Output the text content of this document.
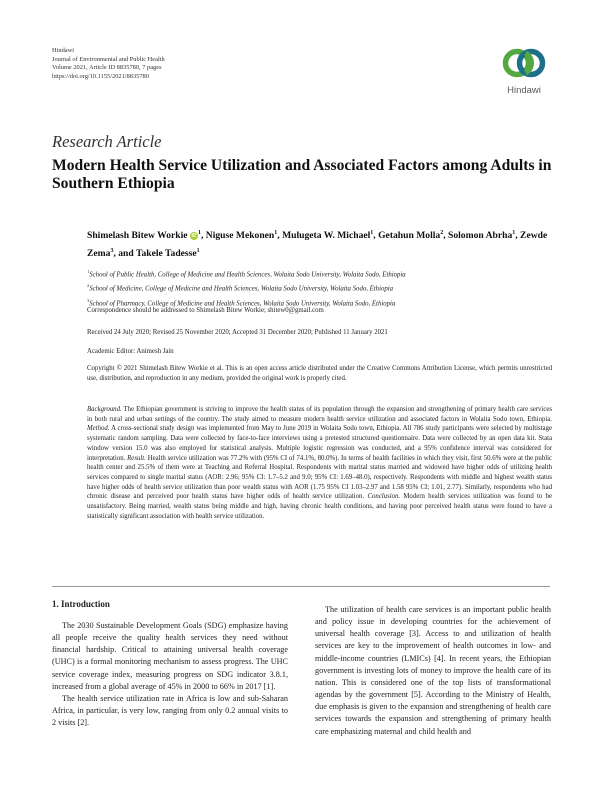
Hindawi
Journal of Environmental and Public Health
Volume 2021, Article ID 8835780, 7 pages
https://doi.org/10.1155/2021/8835780
Hindawi
Research Article
Modern Health Service Utilization and Associated Factors among Adults in Southern Ethiopia
Shimelash Bitew Workie $iD^1$, Niguse Mekonen$^1$, Mulugeta W. Michael$^1$, Getahun Molla$^2$, Solomon Abrha$^1$, Zewde Zema$^3$, and Takele Tadesse$^1$
$^1$School of Public Health, College of Medicine and Health Sciences, Wolaita Sodo University, Wolaita Sodo, Ethiopia
$^2$School of Medicine, College of Medicine and Health Sciences, Wolaita Sodo University, Wolaita Sodo, Ethiopia
$^3$School of Pharmacy, College of Medicine and Health Sciences, Wolaita Sodo University, Wolaita Sodo, Ethiopia
Correspondence should be addressed to Shimelash Bitew Workie; shitew0@gmail.com
Received 24 July 2020; Revised 25 November 2020; Accepted 31 December 2020; Published 11 January 2021
Academic Editor: Animesh Jain
Copyright © 2021 Shimelash Bitew Workie et al. This is an open access article distributed under the Creative Commons Attribution License, which permits unrestricted use, distribution, and reproduction in any medium, provided the original work is properly cited.
Background. The Ethiopian government is striving to improve the health status of its population through the expansion and strengthening of primary health care services in both rural and urban settings of the country. The study aimed to measure modern health service utilization and associated factors in Wolaita Sodo town, Ethiopia. Method. A cross-sectional study design was implemented from May to June 2019 in Wolaita Sodo town, Ethiopia. All 786 study participants were selected by multistage systematic random sampling. Data were collected by face-to-face interviews using a pretested structured questionnaire. Data were collected by an open data kit. Stata window version 15.0 was also employed for statistical analysis. Multiple logistic regression was conducted, and a 95% confidence interval was considered for interpretation. Result. Health service utilization was 77.2% with (95% CI of 74.1%, 80.0%). In terms of health facilities in which they visit, first 50.6% were at the public health center and 25.5% of them were at Teaching and Referral Hospital. Respondents with marital status married and widowed have higher odds of utilizing health services compared to single marital status (AOR: 2.96; 95% CI: 1.7–5.2 and 9.0; 95% CI: 1.69–48.0), respectively. Respondents with middle and highest wealth status have higher odds of health service utilization than poor wealth status with AOR (1.75 95% CI 1.03–2.97 and 1.58 95% CI; 1.01, 2.77). Similarly, respondents who had chronic disease and perceived poor health status have higher odds of health service utilization. Conclusion. Modern health services utilization was found to be unsatisfactory. Being married, wealth status being middle and high, having chronic health conditions, and having poor perceived health status were found to have a statistically significant association with health service utilization.
1. Introduction

The 2030 Sustainable Development Goals (SDG) emphasize having all people receive the quality health services they need without financial hardship. Critical to attaining universal health coverage (UHC) is a formal monitoring mechanism to assess progress. The UHC service coverage index, measuring progress on SDG indicator 3.8.1, increased from a global average of 45% in 2000 to 66% in 2017 [1].

The health service utilization rate in Africa is low and sub-Saharan Africa, in particular, is very low, ranging from only 0.2 annual visits to 2 visits [2].

The utilization of health care services is an important public health and policy issue in developing countries for the achievement of universal health coverage [3]. Access to and utilization of health services are key to the improvement of health outcomes in low- and middle-income countries (LMICs) [4]. In recent years, the Ethiopian government is investing lots of money to improve the health care of its nation. This is considered one of the top lists of transformational agendas by the government [5]. According to the Ministry of Health, due emphasis is given to the expansion and strengthening of health care services towards the expansion and strengthening of primary health care emphasizing maternal and child health and
